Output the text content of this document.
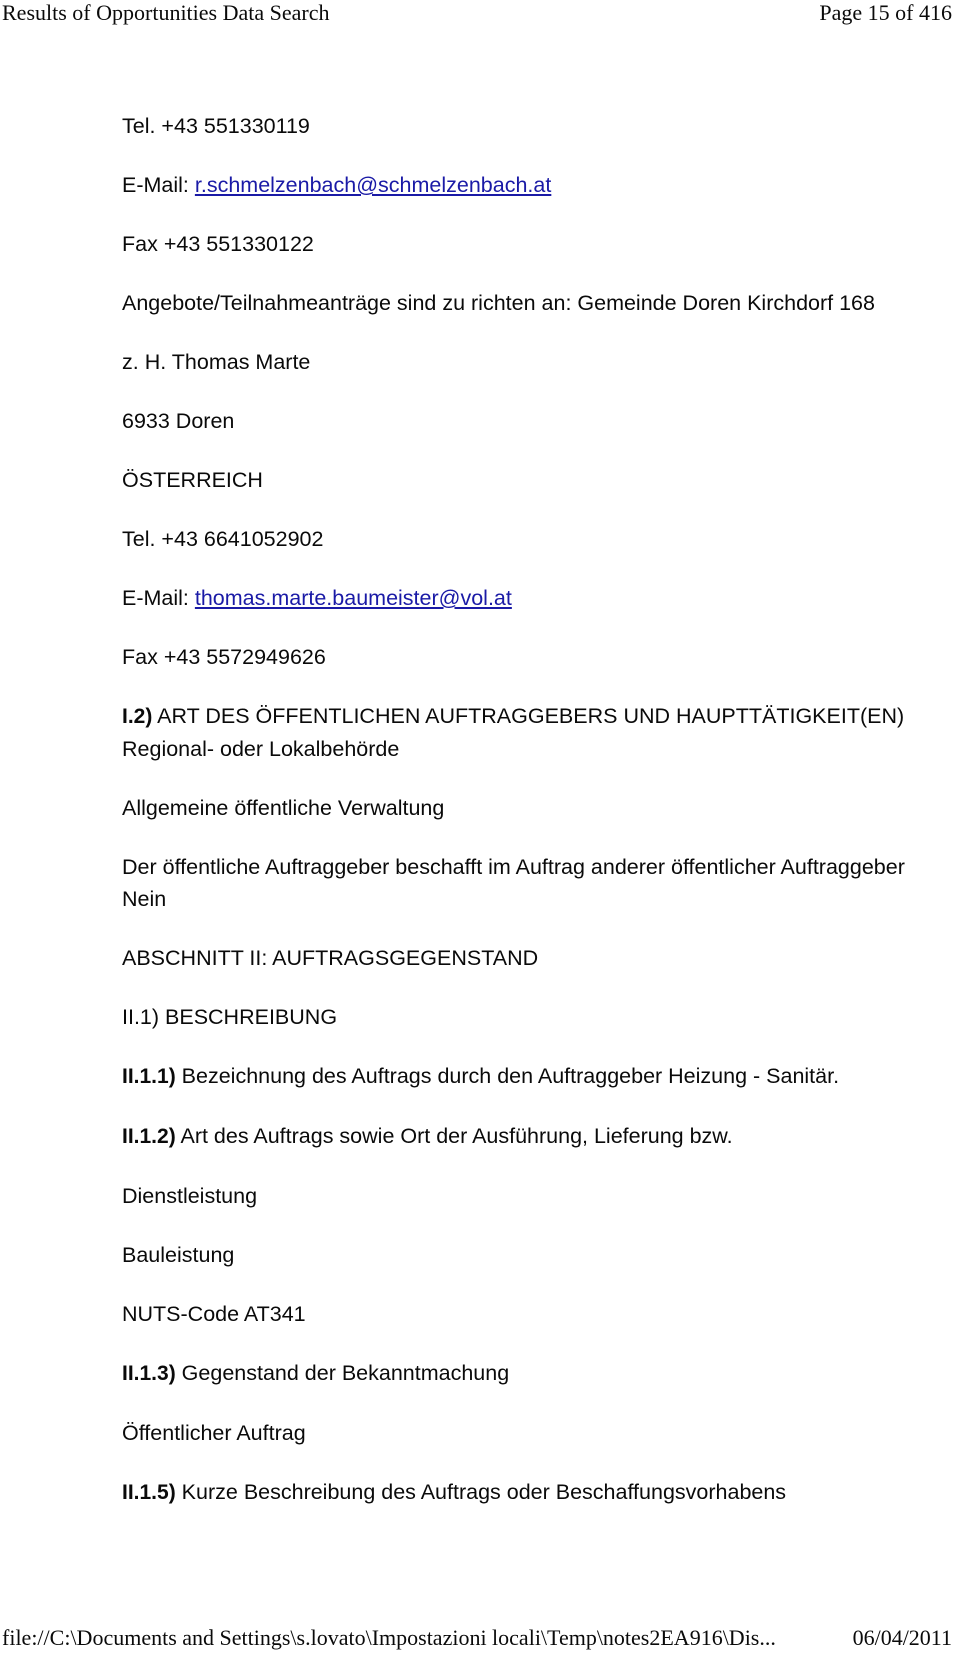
Results of Opportunities Data Search	Page 15 of 416

Tel. +43 551330119

E-Mail: r.schmelzenbach@schmelzenbach.at

Fax +43 551330122

Angebote/Teilnahmeanträge sind zu richten an: Gemeinde Doren Kirchdorf 168

z. H. Thomas Marte

6933 Doren

ÖSTERREICH

Tel. +43 6641052902

E-Mail: thomas.marte.baumeister@vol.at

Fax +43 5572949626

I.2) ART DES ÖFFENTLICHEN AUFTRAGGEBERS UND HAUPTTÄTIGKEIT(EN) Regional- oder Lokalbehörde

Allgemeine öffentliche Verwaltung

Der öffentliche Auftraggeber beschafft im Auftrag anderer öffentlicher Auftraggeber Nein

ABSCHNITT II: AUFTRAGSGEGENSTAND

II.1) BESCHREIBUNG

II.1.1) Bezeichnung des Auftrags durch den Auftraggeber Heizung - Sanitär.

II.1.2) Art des Auftrags sowie Ort der Ausführung, Lieferung bzw.

Dienstleistung

Bauleistung

NUTS-Code AT341

II.1.3) Gegenstand der Bekanntmachung

Öffentlicher Auftrag

II.1.5) Kurze Beschreibung des Auftrags oder Beschaffungsvorhabens

file://C:\Documents and Settings\s.lovato\Impostazioni locali\Temp\notes2EA916\Dis...	06/04/2011
